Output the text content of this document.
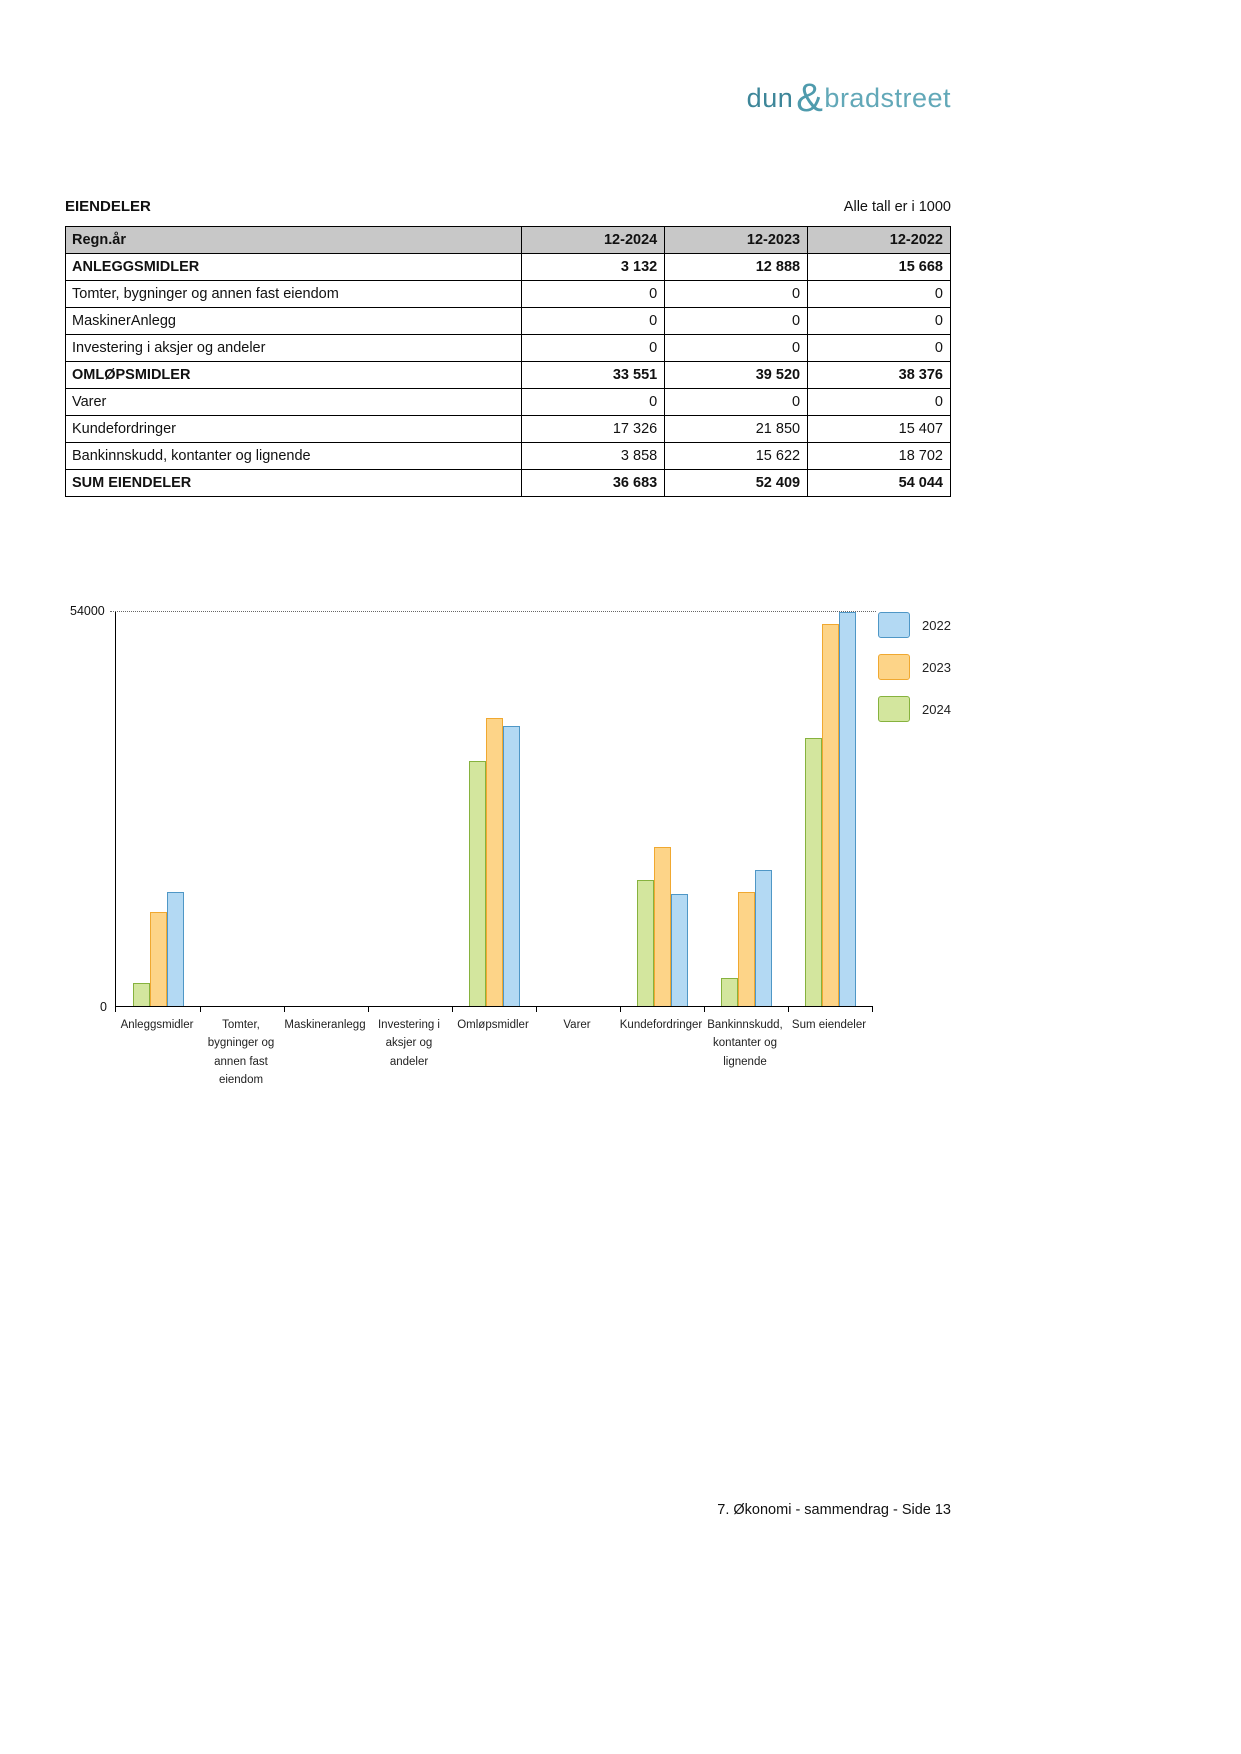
dun&bradstreet
EIENDELER	Alle tall er i 1000
Regn.år	12-2024	12-2023	12-2022
ANLEGGSMIDLER	3 132	12 888	15 668
Tomter, bygninger og annen fast eiendom	0	0	0
MaskinerAnlegg	0	0	0
Investering i aksjer og andeler	0	0	0
OMLØPSMIDLER	33 551	39 520	38 376
Varer	0	0	0
Kundefordringer	17 326	21 850	15 407
Bankinnskudd, kontanter og lignende	3 858	15 622	18 702
SUM EIENDELER	36 683	52 409	54 044
54000
0
Anleggsmidler	Tomter, bygninger og annen fast eiendom
Maskineranlegg	Investering i aksjer og andeler
Omløpsmidler	Varer	Kundefordringer Bankinnskudd, kontanter og lignende
Sum eiendeler
2022
2023
2024
7. Økonomi - sammendrag - Side 13
